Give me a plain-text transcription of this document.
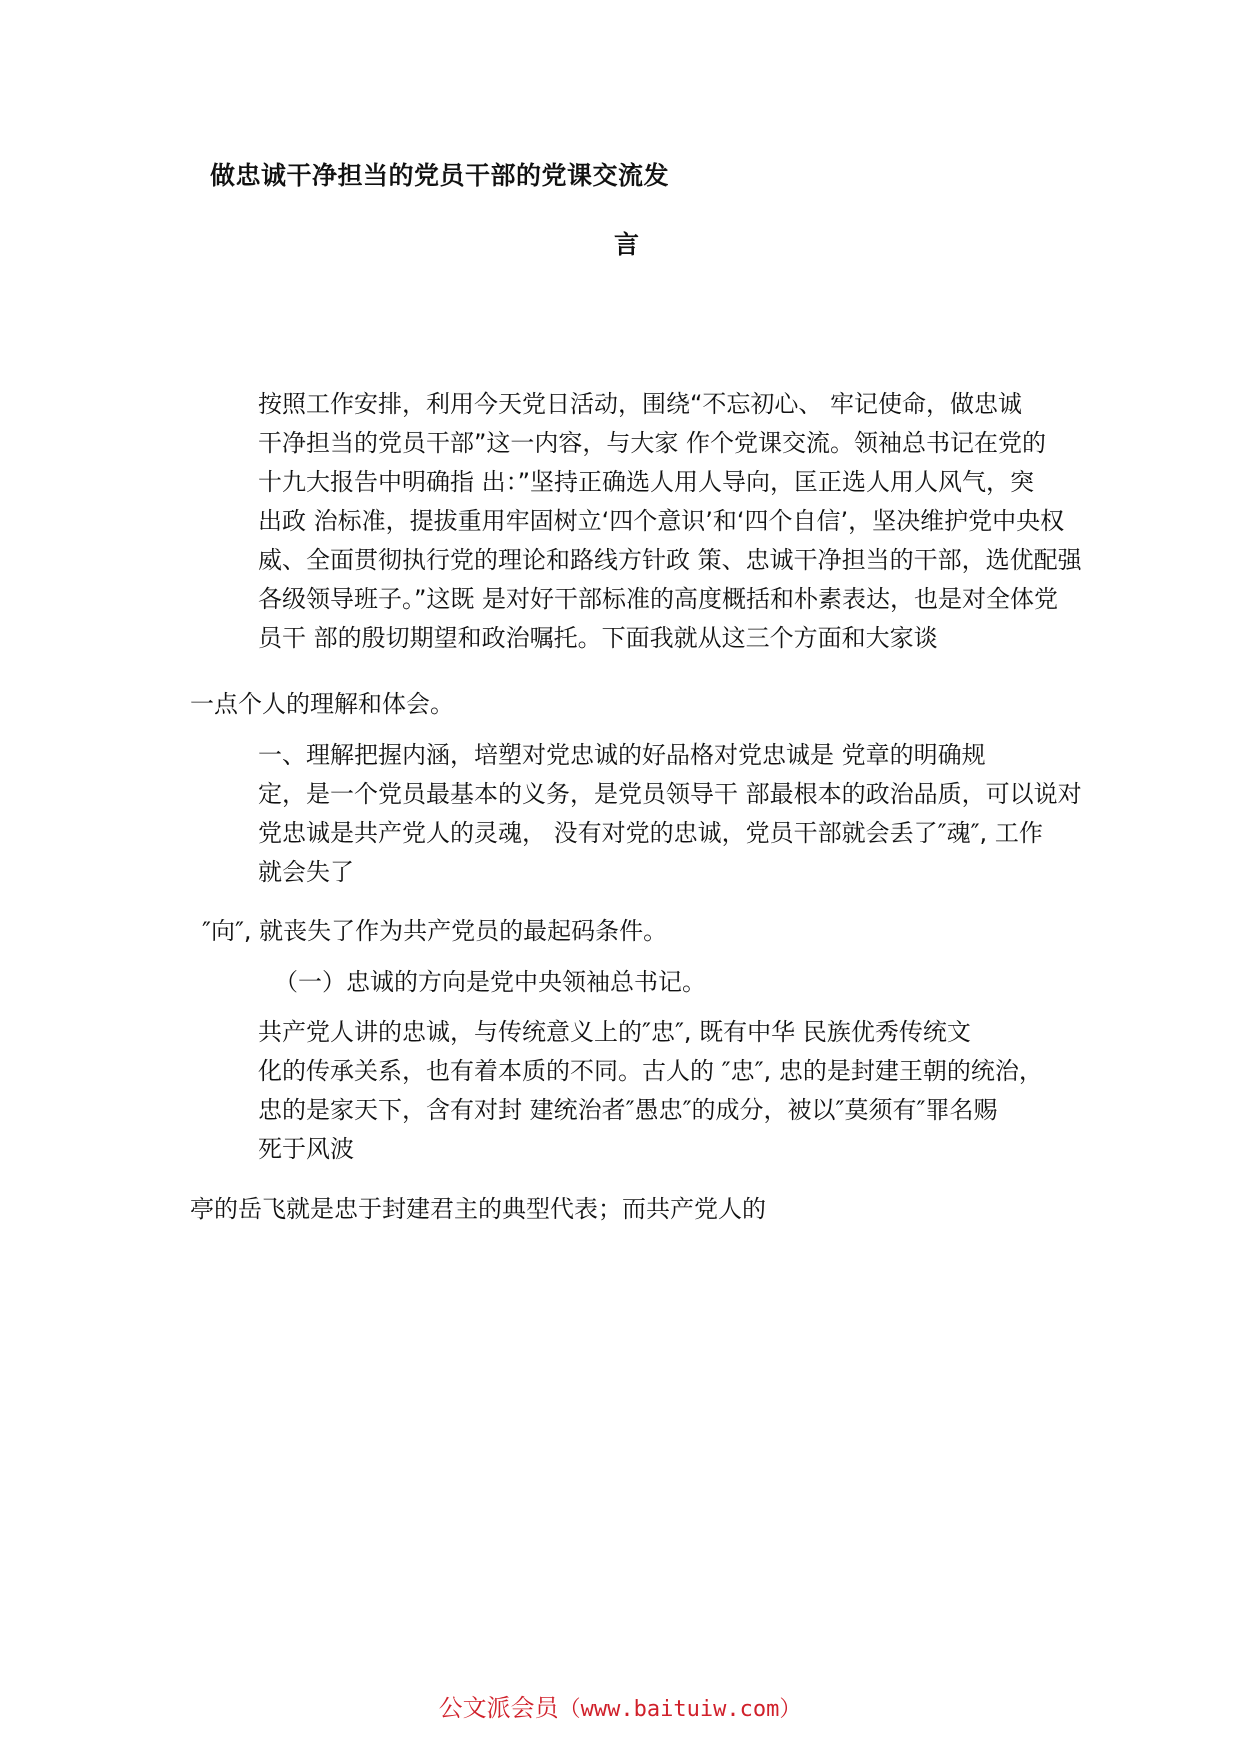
做忠诚干净担当的党员干部的党课交流发
言

按照工作安排，利用今天党日活动，围绕“不忘初心、 牢记使命，做忠诚
干净担当的党员干部”这一内容，与大家 作个党课交流。领袖总书记在党的
十九大报告中明确指 出：”坚持正确选人用人导向，匡正选人用人风气，突
出政 治标准，提拔重用牢固树立‘四个意识’和‘四个自信’，坚决维护党中央权
威、全面贯彻执行党的理论和路线方针政 策、忠诚干净担当的干部，选优配强
各级领导班子。”这既 是对好干部标准的高度概括和朴素表达，也是对全体党
员干 部的殷切期望和政治嘱托。下面我就从这三个方面和大家谈

一点个人的理解和体会。

一、理解把握内涵，培塑对党忠诚的好品格对党忠诚是 党章的明确规
定，是一个党员最基本的义务，是党员领导干 部最根本的政治品质，可以说对
党忠诚是共产党人的灵魂， 没有对党的忠诚，党员干部就会丢了″魂″, 工作
就会失了

″向″, 就丧失了作为共产党员的最起码条件。

（一）忠诚的方向是党中央领袖总书记。

共产党人讲的忠诚，与传统意义上的″忠″, 既有中华 民族优秀传统文
化的传承关系，也有着本质的不同。古人的 ″忠″, 忠的是封建王朝的统治，
忠的是家天下，含有对封 建统治者″愚忠″的成分，被以″莫须有″罪名赐
死于风波

亭的岳飞就是忠于封建君主的典型代表；而共产党人的

公文派会员（www.baituiw.com）
